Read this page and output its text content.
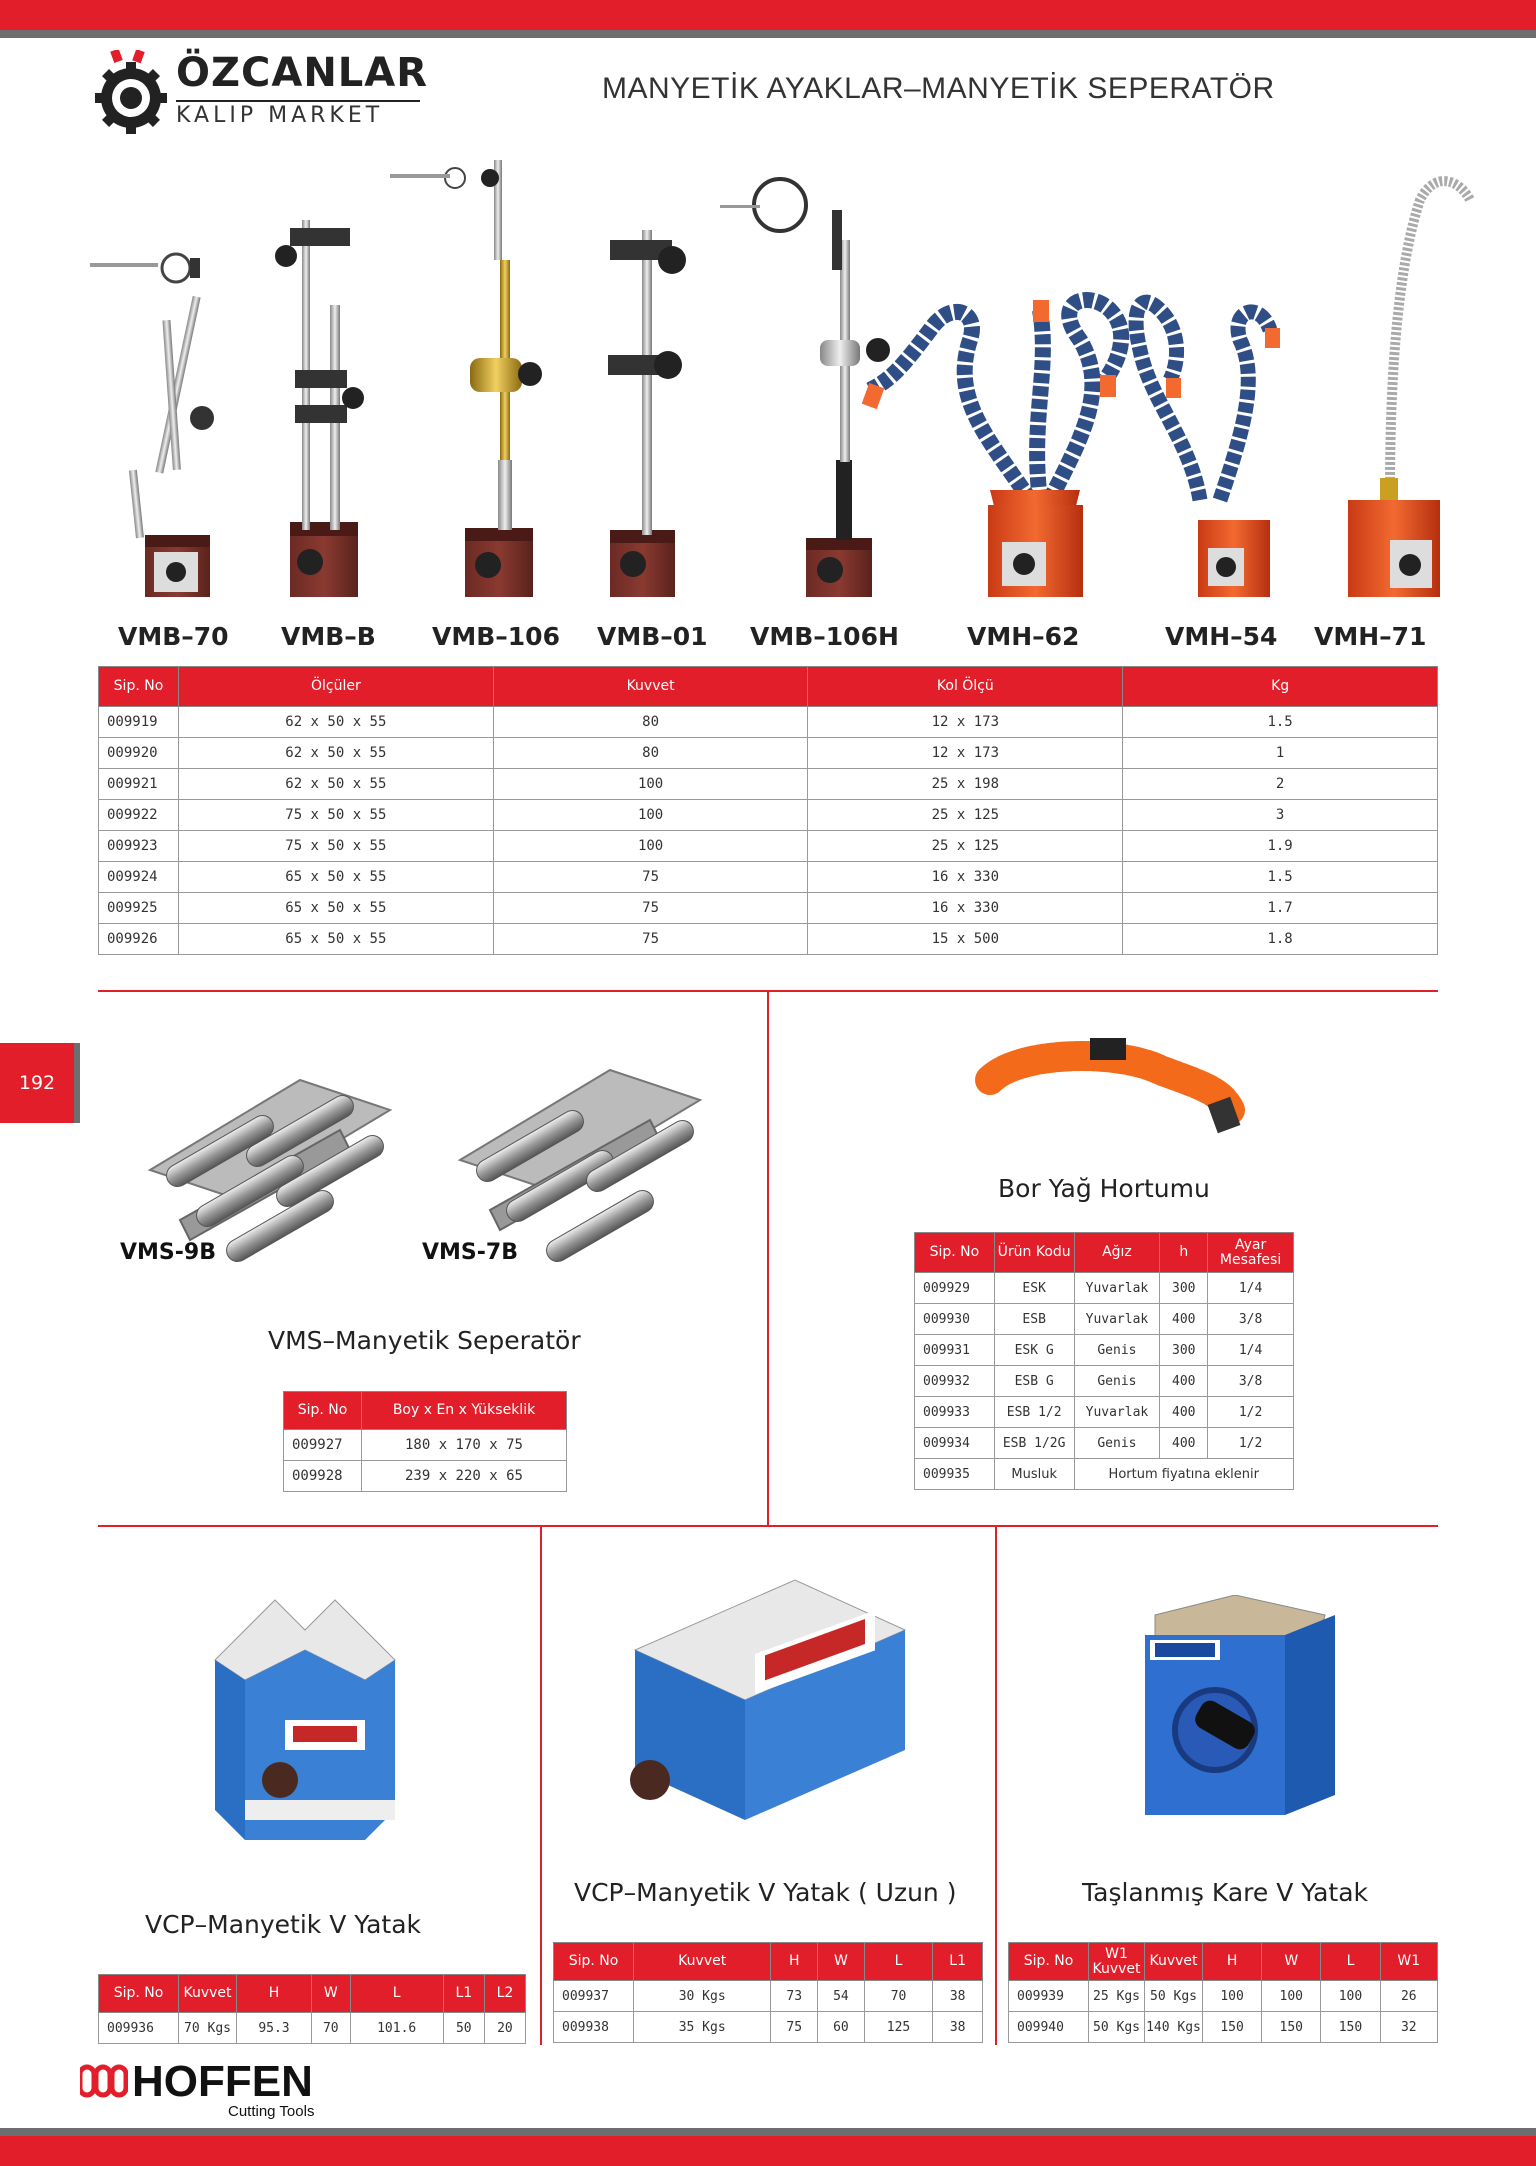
ÖZCANLAR
KALIP MARKET
MANYETİK AYAKLAR–MANYETİK SEPERATÖR
VMB–70 VMB–B VMB–106 VMB–01 VMB–106H	VMH–62	VMH–54 VMH–71
Sip. No	Ölçüler	Kuvvet	Kol Ölçü	Kg
009919	62 x 50 x 55	80	12 x 173	1.5
009920	62 x 50 x 55	80	12 x 173	1
009921	62 x 50 x 55	100	25 x 198	2
009922	75 x 50 x 55	100	25 x 125	3
009923	75 x 50 x 55	100	25 x 125	1.9
009924	65 x 50 x 55	75	16 x 330	1.5
009925	65 x 50 x 55	75	16 x 330	1.7
009926	65 x 50 x 55	75	15 x 500	1.8
192
VMS-9B	VMS-7B
VMS–Manyetik Seperatör
Sip. No	Boy x En x Yükseklik
009927	180 x 170 x 75
009928	239 x 220 x 65
Bor Yağ Hortumu
Sip. No	Ürün Kodu	Ağız	h	Ayar Mesafesi
009929	ESK	Yuvarlak	300	1/4
009930	ESB	Yuvarlak	400	3/8
009931	ESK G	Genis	300	1/4
009932	ESB G	Genis	400	3/8
009933	ESB 1/2	Yuvarlak	400	1/2
009934	ESB 1/2G	Genis	400	1/2
009935	Musluk	Hortum fiyatına eklenir		
VCP–Manyetik V Yatak
VCP–Manyetik V Yatak ( Uzun )	Taşlanmış Kare V Yatak
Sip. No	Kuvvet	H	W	L	L1	L2
009936	70 Kgs	95.3	70	101.6	50	20
Sip. No	Kuvvet	H	W	L	L1
009937	30 Kgs	73	54	70	38
009938	35 Kgs	75	60	125	38
Sip. No	W1 Kuvvet	Kuvvet	H	W	L	W1
009939	25 Kgs	50 Kgs	100	100	100	26
009940	50 Kgs	140 Kgs	150	150	150	32
HOFFEN
Cutting Tools
